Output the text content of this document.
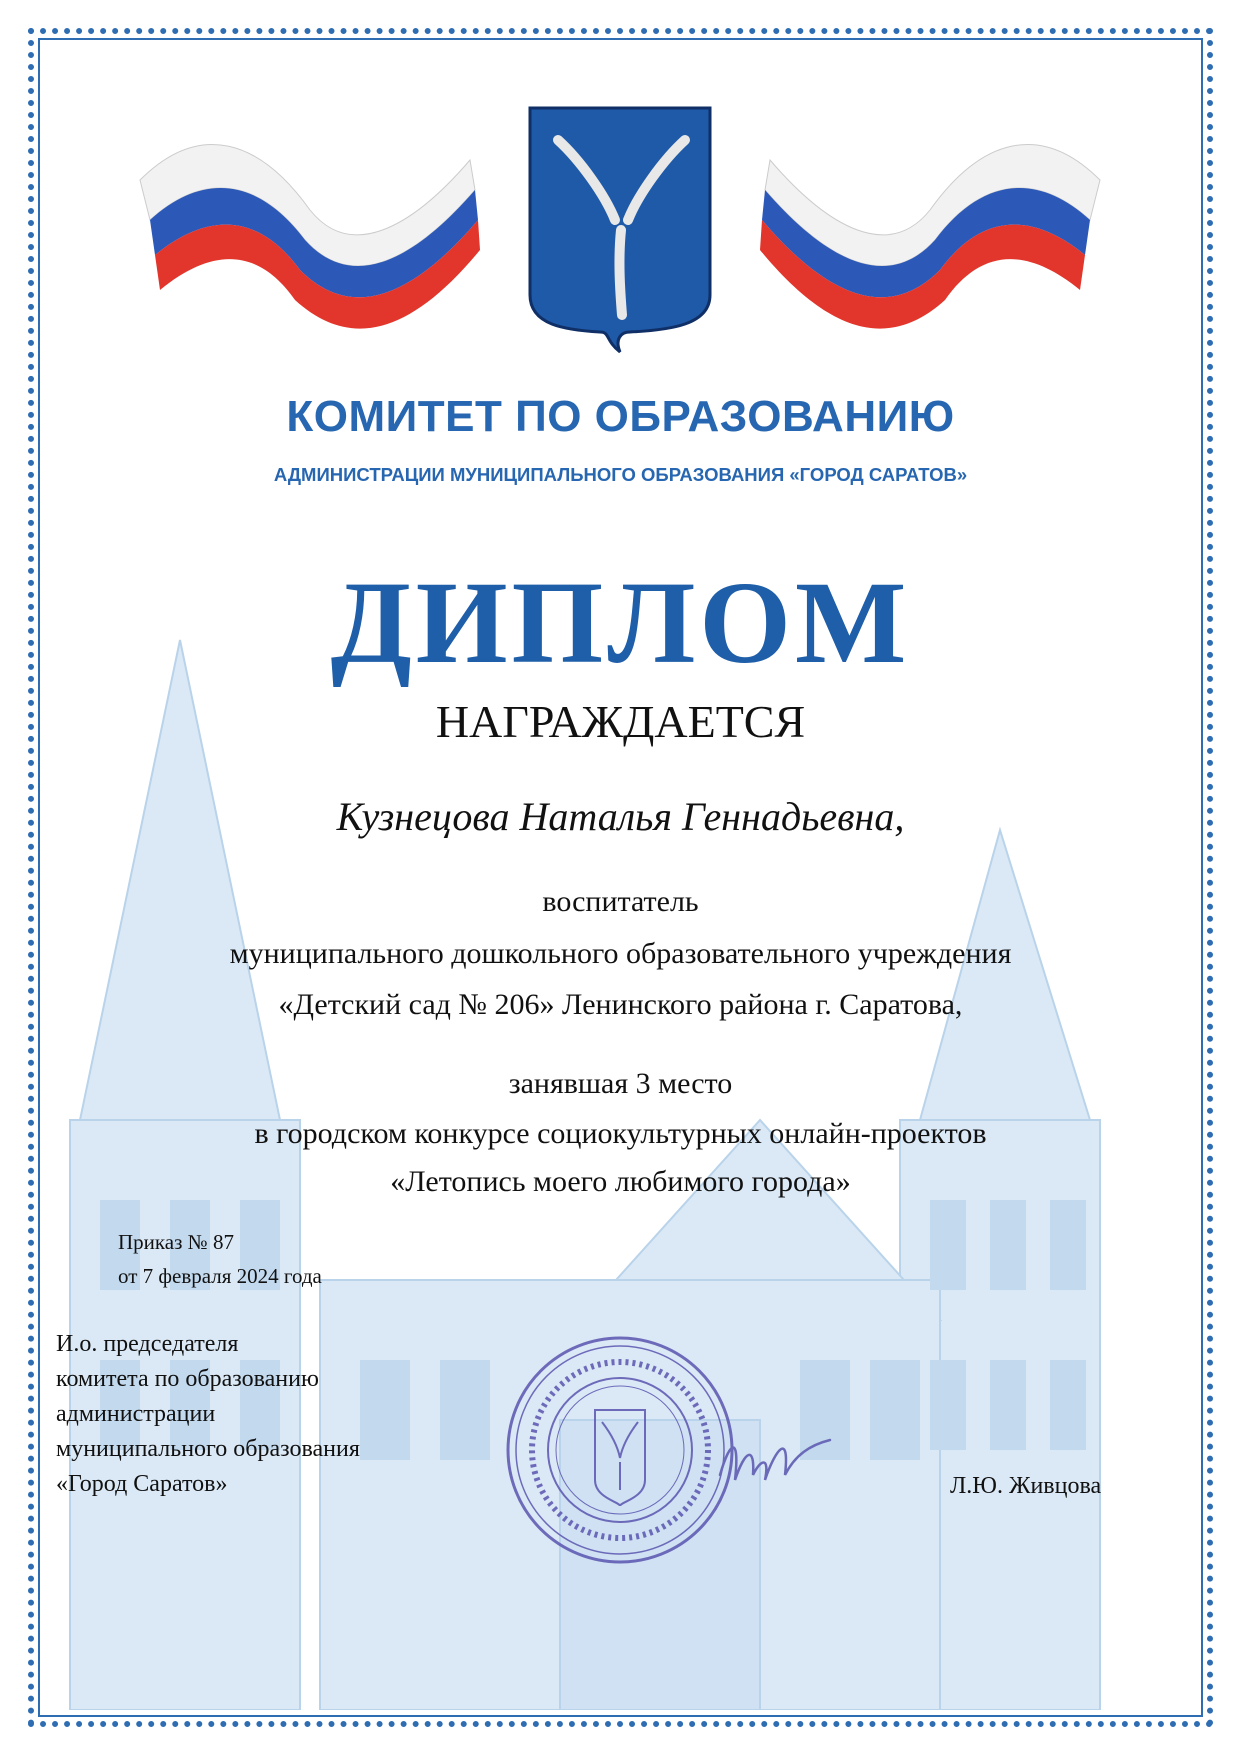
КОМИТЕТ ПО ОБРАЗОВАНИЮ
АДМИНИСТРАЦИИ МУНИЦИПАЛЬНОГО ОБРАЗОВАНИЯ «ГОРОД САРАТОВ»
ДИПЛОМ
НАГРАЖДАЕТСЯ
Кузнецова Наталья Геннадьевна,
воспитатель
муниципального дошкольного образовательного учреждения
«Детский сад № 206» Ленинского района г. Саратова,
занявшая 3 место
в городском конкурсе социокультурных онлайн-проектов
«Летопись моего любимого города»
Приказ № 87
от 7 февраля 2024 года
И.о. председателя
комитета по образованию
администрации
муниципального образования
«Город Саратов»	Л.Ю. Живцова
